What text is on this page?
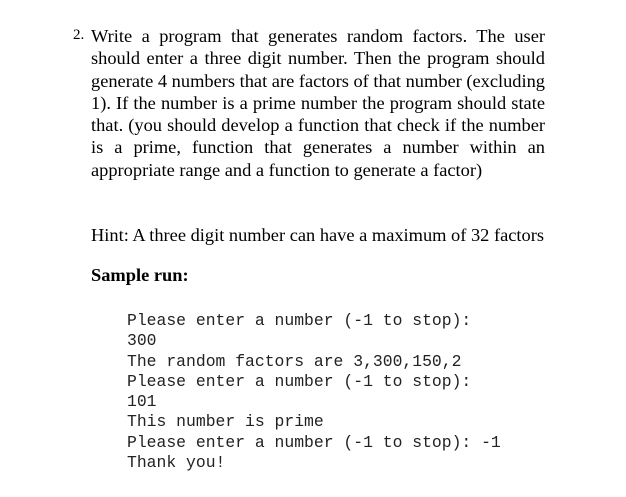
2. Write a program that generates random factors. The user should enter a three digit number. Then the program should generate 4 numbers that are factors of that number (excluding 1). If the number is a prime number the program should state that. (you should develop a function that check if the number is a prime, function that generates a number within an appropriate range and a function to generate a factor)
Hint: A three digit number can have a maximum of 32 factors
Sample run:
Please enter a number (-1 to stop):
300
The random factors are 3,300,150,2
Please enter a number (-1 to stop):
101
This number is prime
Please enter a number (-1 to stop): -1
Thank you!
